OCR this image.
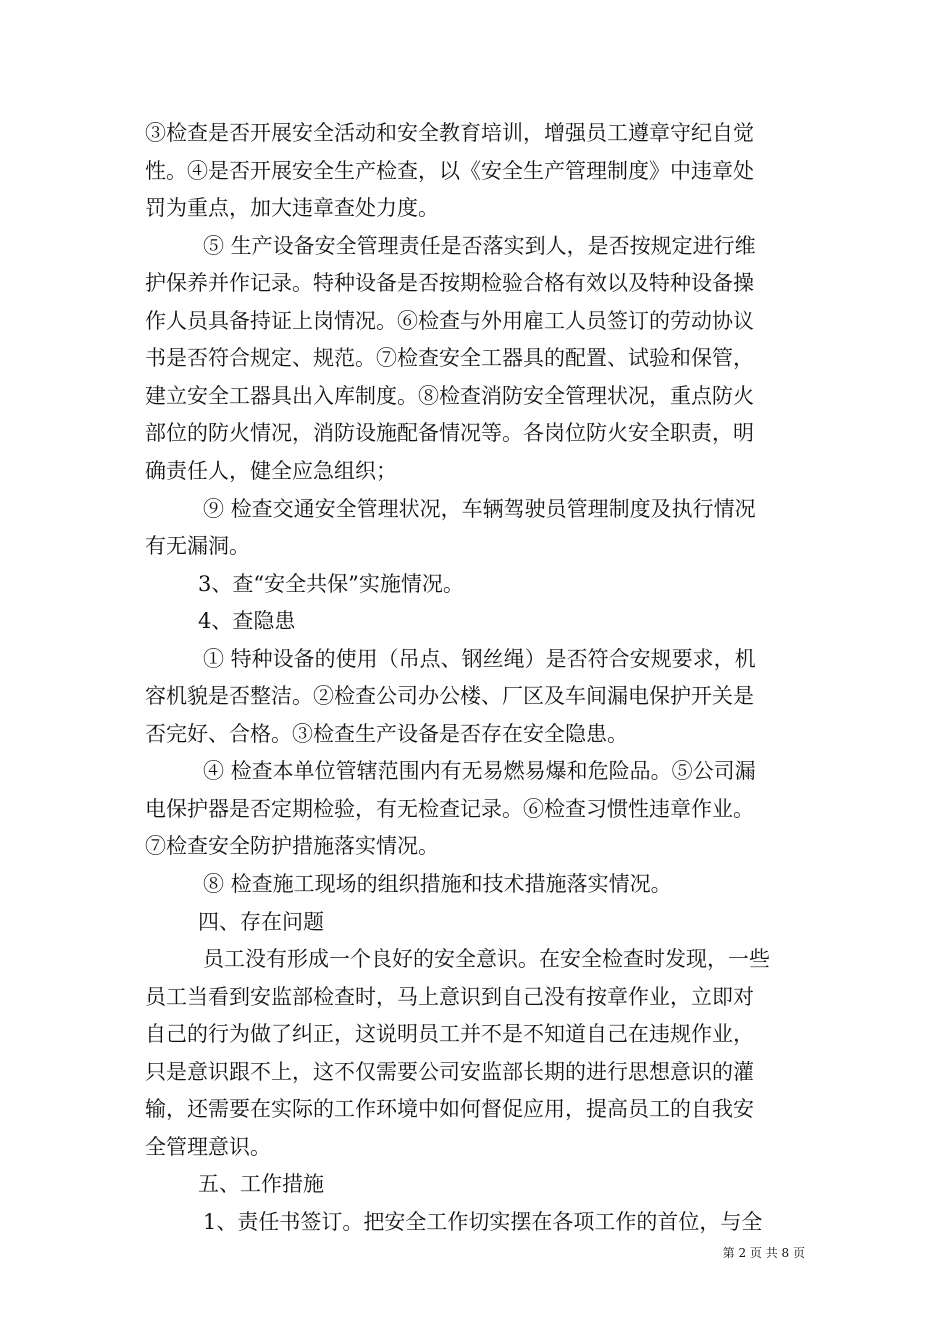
③检查是否开展安全活动和安全教育培训，增强员工遵章守纪自觉
性。④是否开展安全生产检查，以《安全生产管理制度》中违章处
罚为重点，加大违章查处力度。
⑤ 生产设备安全管理责任是否落实到人，是否按规定进行维
护保养并作记录。特种设备是否按期检验合格有效以及特种设备操
作人员具备持证上岗情况。⑥检查与外用雇工人员签订的劳动协议
书是否符合规定、规范。⑦检查安全工器具的配置、试验和保管，
建立安全工器具出入库制度。⑧检查消防安全管理状况，重点防火
部位的防火情况，消防设施配备情况等。各岗位防火安全职责，明
确责任人，健全应急组织；
⑨ 检查交通安全管理状况，车辆驾驶员管理制度及执行情况
有无漏洞。
3、查“安全共保”实施情况。
4、查隐患
① 特种设备的使用（吊点、钢丝绳）是否符合安规要求，机
容机貌是否整洁。②检查公司办公楼、厂区及车间漏电保护开关是
否完好、合格。③检查生产设备是否存在安全隐患。
④ 检查本单位管辖范围内有无易燃易爆和危险品。⑤公司漏
电保护器是否定期检验，有无检查记录。⑥检查习惯性违章作业。
⑦检查安全防护措施落实情况。
⑧ 检查施工现场的组织措施和技术措施落实情况。
四、存在问题
员工没有形成一个良好的安全意识。在安全检查时发现，一些
员工当看到安监部检查时，马上意识到自己没有按章作业，立即对
自己的行为做了纠正，这说明员工并不是不知道自己在违规作业，
只是意识跟不上，这不仅需要公司安监部长期的进行思想意识的灌
输，还需要在实际的工作环境中如何督促应用，提高员工的自我安
全管理意识。
五、工作措施
1、责任书签订。把安全工作切实摆在各项工作的首位，与全
第 2 页 共 8 页
